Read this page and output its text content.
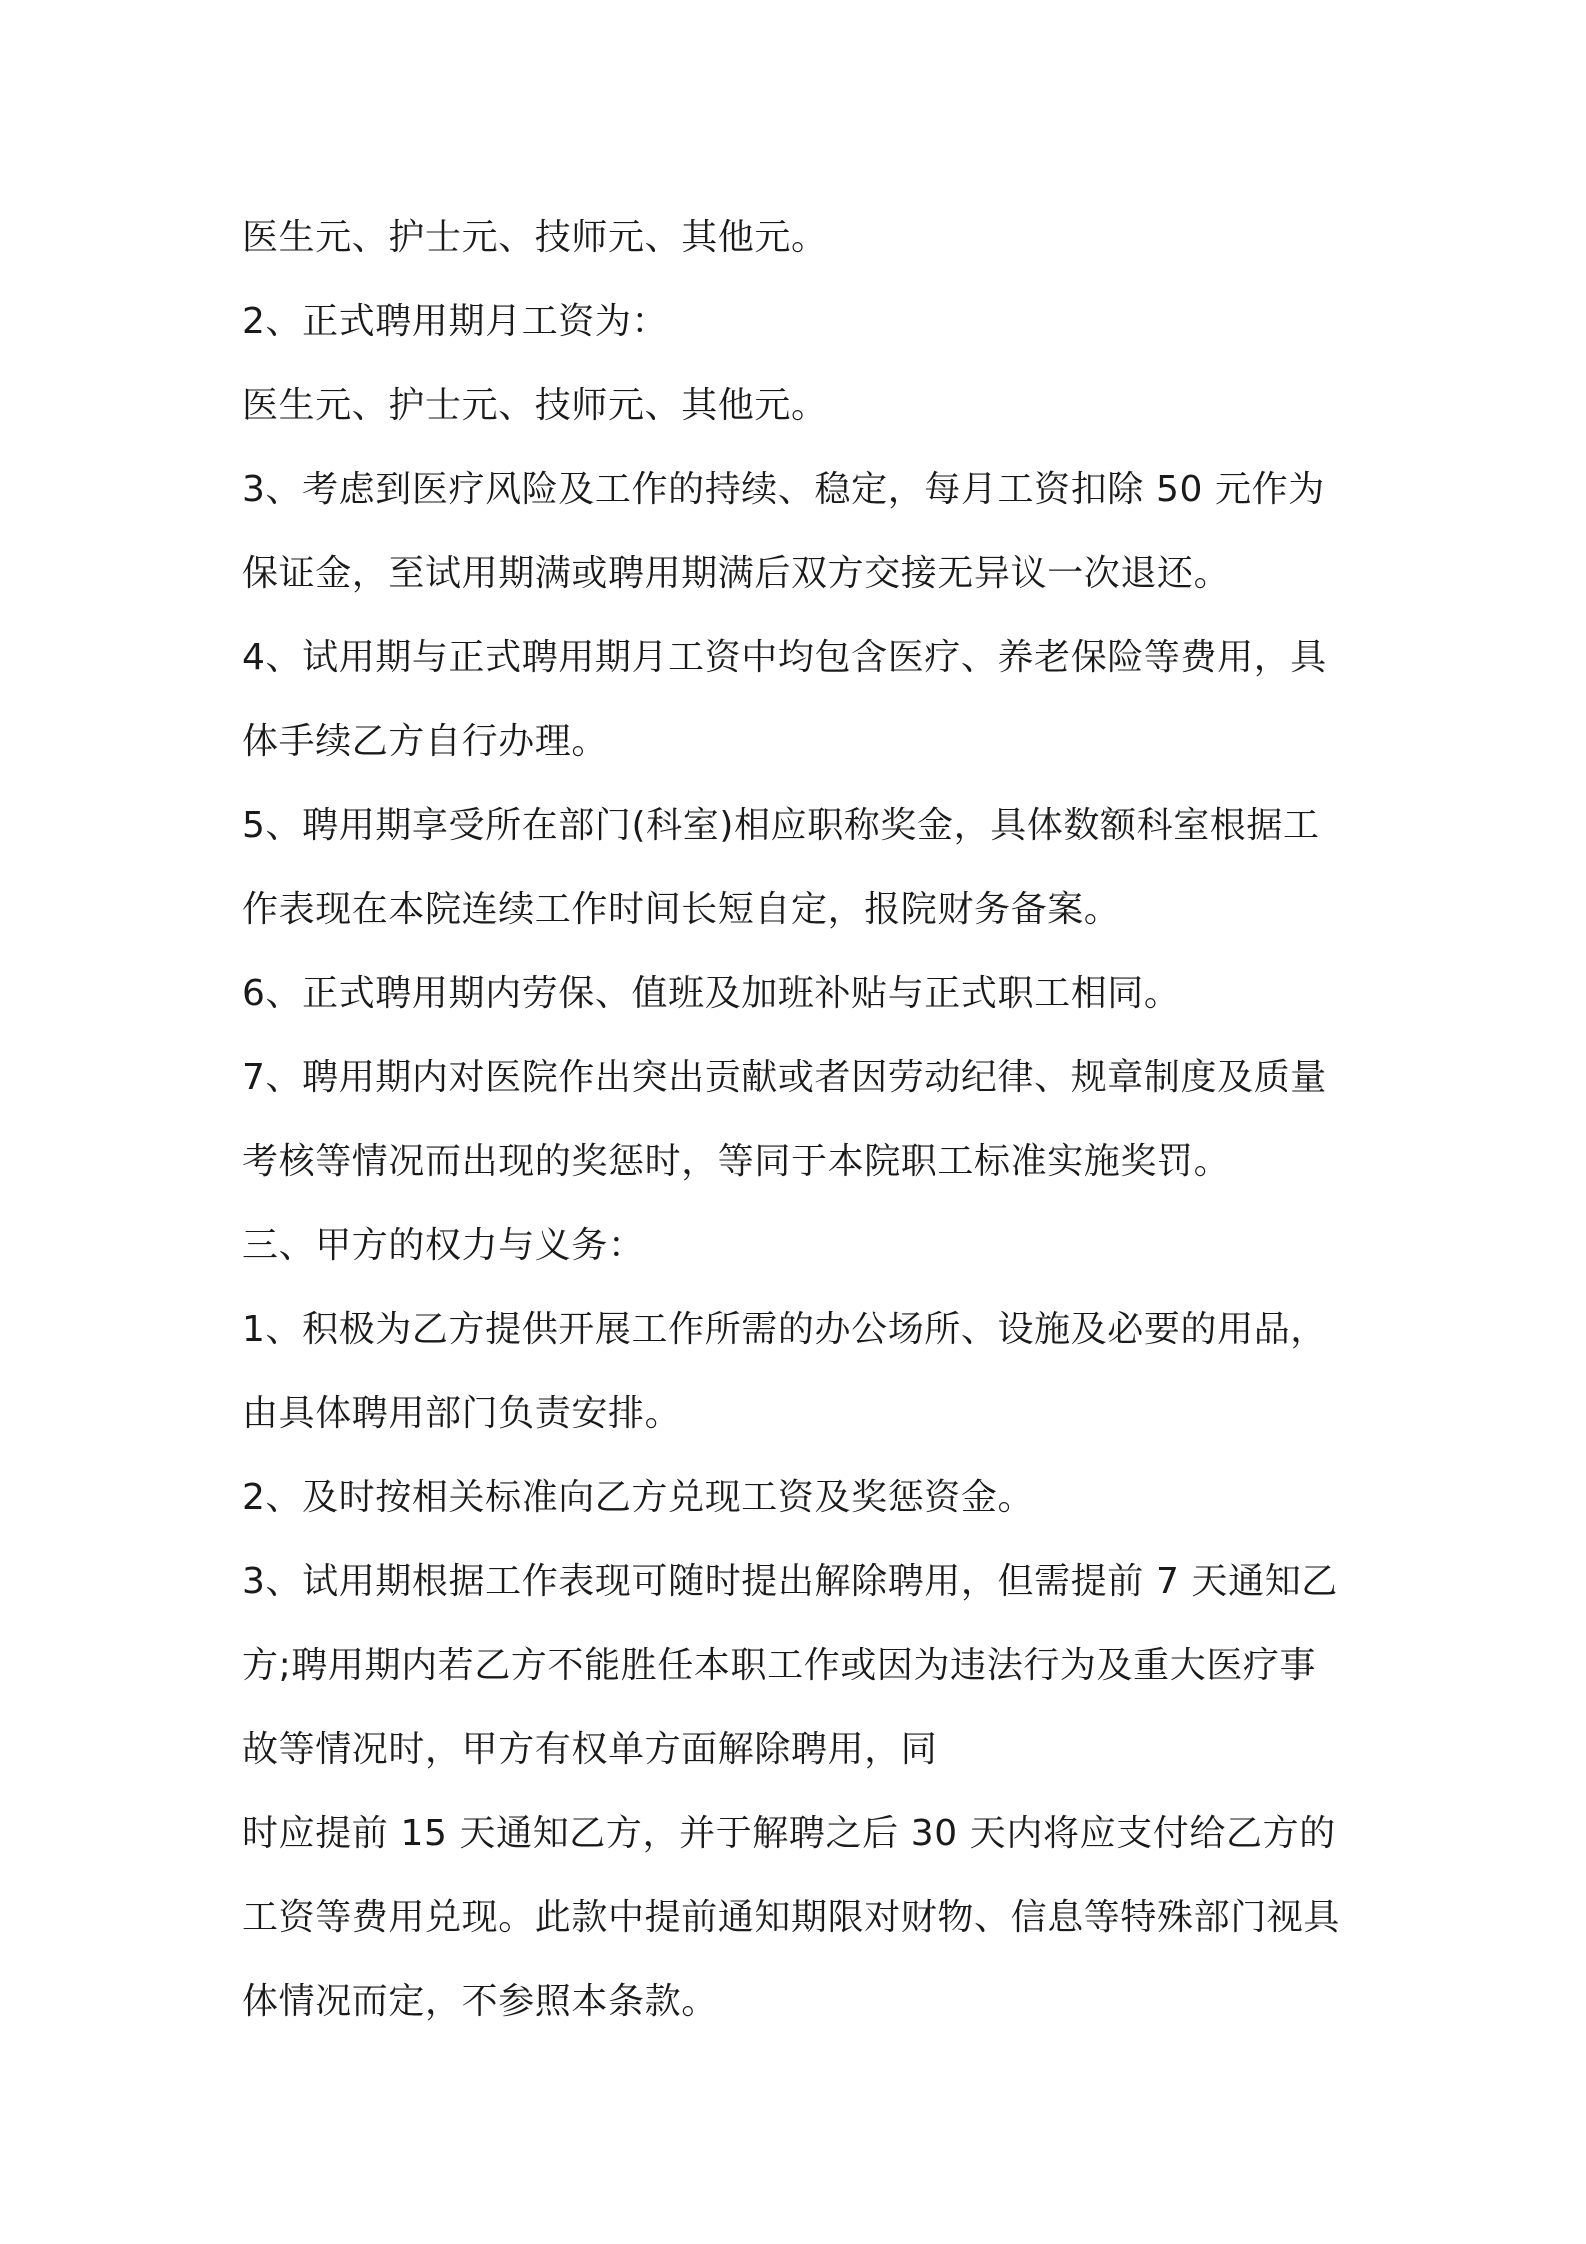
医生元、护士元、技师元、其他元。
2、正式聘用期月工资为：
医生元、护士元、技师元、其他元。
3、考虑到医疗风险及工作的持续、稳定，每月工资扣除 50 元作为
保证金，至试用期满或聘用期满后双方交接无异议一次退还。
4、试用期与正式聘用期月工资中均包含医疗、养老保险等费用，具
体手续乙方自行办理。
5、聘用期享受所在部门(科室)相应职称奖金，具体数额科室根据工
作表现在本院连续工作时间长短自定，报院财务备案。
6、正式聘用期内劳保、值班及加班补贴与正式职工相同。
7、聘用期内对医院作出突出贡献或者因劳动纪律、规章制度及质量
考核等情况而出现的奖惩时，等同于本院职工标准实施奖罚。
三、甲方的权力与义务：
1、积极为乙方提供开展工作所需的办公场所、设施及必要的用品，
由具体聘用部门负责安排。
2、及时按相关标准向乙方兑现工资及奖惩资金。
3、试用期根据工作表现可随时提出解除聘用，但需提前 7 天通知乙
方;聘用期内若乙方不能胜任本职工作或因为违法行为及重大医疗事
故等情况时，甲方有权单方面解除聘用，同
时应提前 15 天通知乙方，并于解聘之后 30 天内将应支付给乙方的
工资等费用兑现。此款中提前通知期限对财物、信息等特殊部门视具
体情况而定，不参照本条款。
